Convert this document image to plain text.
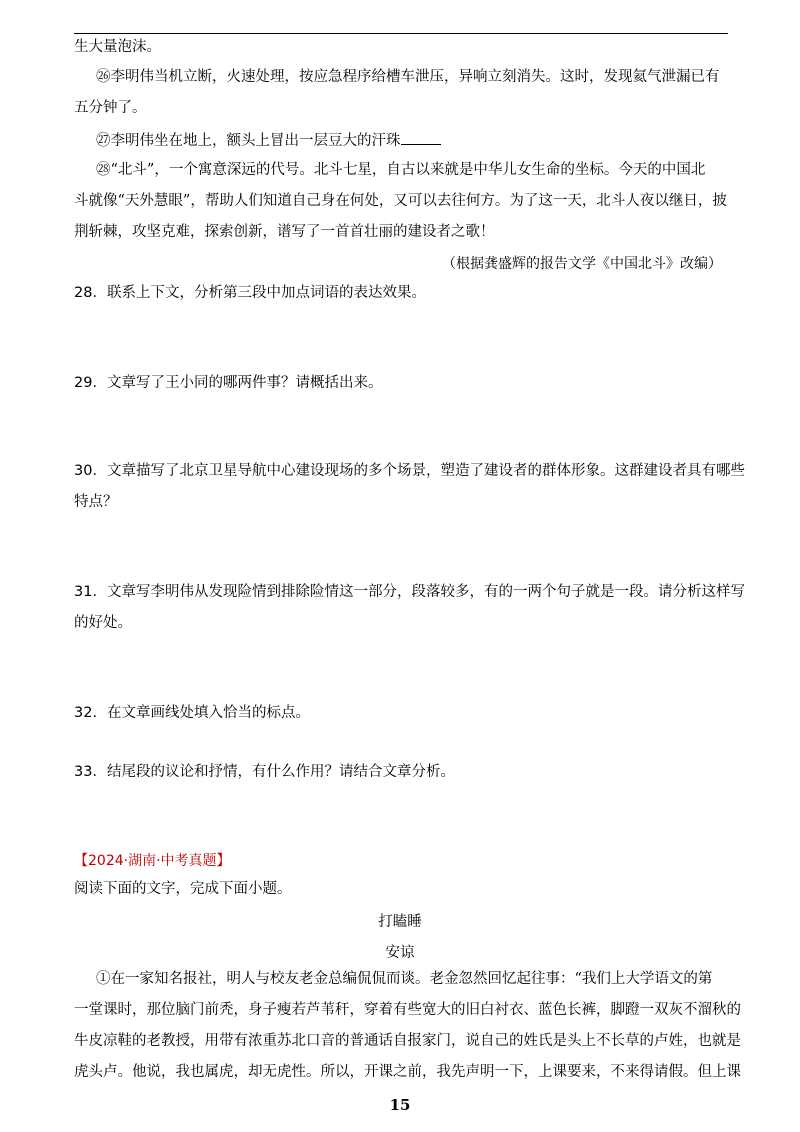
生大量泡沫。
㉖李明伟当机立断，火速处理，按应急程序给槽车泄压，异响立刻消失。这时，发现氦气泄漏已有
五分钟了。
㉗李明伟坐在地上，额头上冒出一层豆大的汗珠
㉘“北斗”，一个寓意深远的代号。北斗七星，自古以来就是中华儿女生命的坐标。今天的中国北
斗就像“天外慧眼”，帮助人们知道自己身在何处，又可以去往何方。为了这一天，北斗人夜以继日，披
荆斩棘，攻坚克难，探索创新，谱写了一首首壮丽的建设者之歌！
（根据龚盛辉的报告文学《中国北斗》改编）
28．联系上下文，分析第三段中加点词语的表达效果。
29．文章写了王小同的哪两件事？请概括出来。
30．文章描写了北京卫星导航中心建设现场的多个场景，塑造了建设者的群体形象。这群建设者具有哪些
特点？
31．文章写李明伟从发现险情到排除险情这一部分，段落较多，有的一两个句子就是一段。请分析这样写
的好处。
32．在文章画线处填入恰当的标点。
33．结尾段的议论和抒情，有什么作用？请结合文章分析。
【2024·湖南·中考真题】
阅读下面的文字，完成下面小题。
打瞌睡
安谅
①在一家知名报社，明人与校友老金总编侃侃而谈。老金忽然回忆起往事：“我们上大学语文的第
一堂课时，那位脑门前秃，身子瘦若芦苇秆，穿着有些宽大的旧白衬衣、蓝色长裤，脚蹬一双灰不溜秋的
牛皮凉鞋的老教授，用带有浓重苏北口音的普通话自报家门，说自己的姓氏是头上不长草的卢姓，也就是
虎头卢。他说，我也属虎，却无虎性。所以，开课之前，我先声明一下，上课要来，不来得请假。但上课
15
